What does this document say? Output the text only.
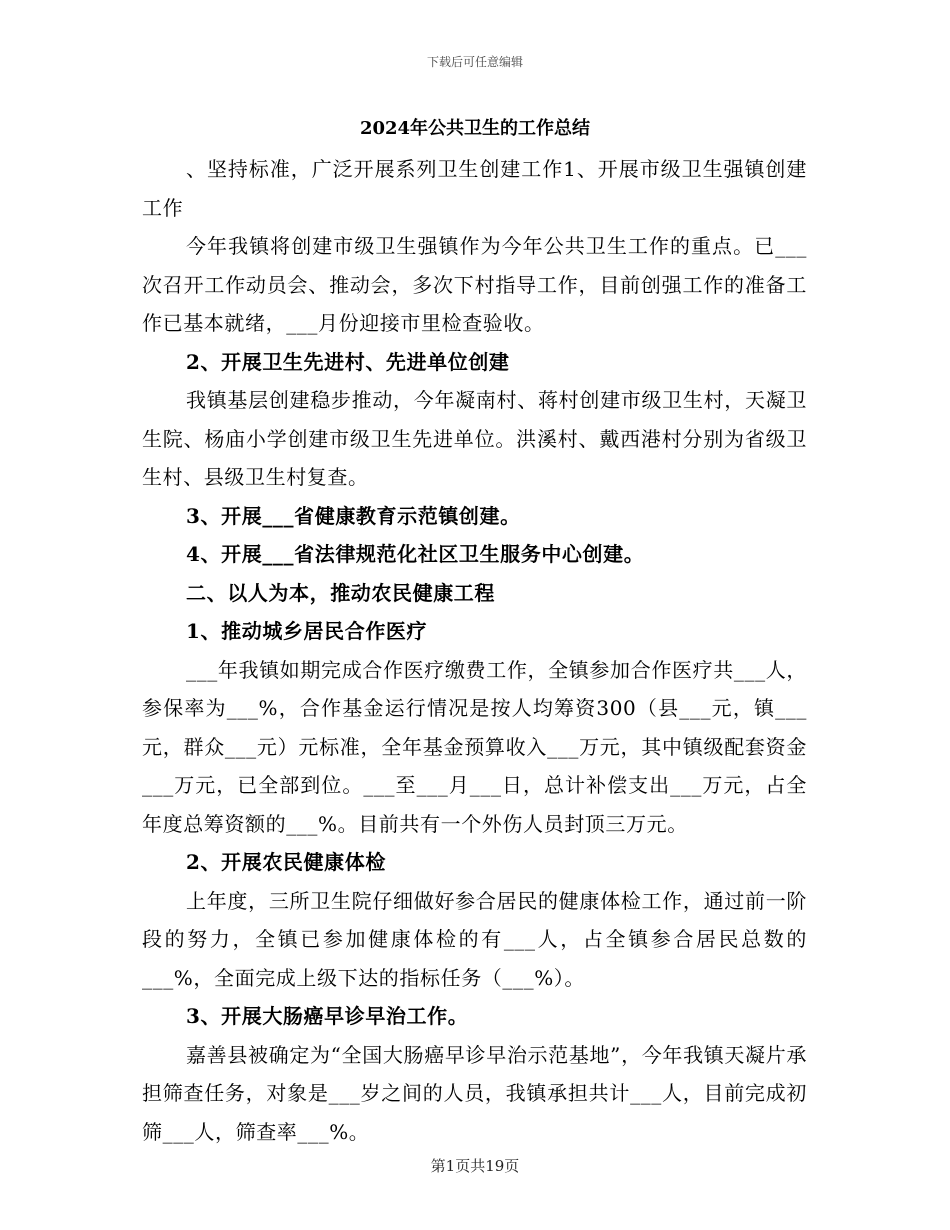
下载后可任意编辑
2024年公共卫生的工作总结

、坚持标准，广泛开展系列卫生创建工作1、开展市级卫生强镇创建工作

今年我镇将创建市级卫生强镇作为今年公共卫生工作的重点。已___次召开工作动员会、推动会，多次下村指导工作，目前创强工作的准备工作已基本就绪，___月份迎接市里检查验收。

2、开展卫生先进村、先进单位创建

我镇基层创建稳步推动，今年凝南村、蒋村创建市级卫生村，天凝卫生院、杨庙小学创建市级卫生先进单位。洪溪村、戴西港村分别为省级卫生村、县级卫生村复查。

3、开展___省健康教育示范镇创建。

4、开展___省法律规范化社区卫生服务中心创建。

二、以人为本，推动农民健康工程

1、推动城乡居民合作医疗

___年我镇如期完成合作医疗缴费工作，全镇参加合作医疗共___人，参保率为___%，合作基金运行情况是按人均筹资300（县___元，镇___元，群众___元）元标准，全年基金预算收入___万元，其中镇级配套资金___万元，已全部到位。___至___月___日，总计补偿支出___万元，占全年度总筹资额的___%。目前共有一个外伤人员封顶三万元。

2、开展农民健康体检

上年度，三所卫生院仔细做好参合居民的健康体检工作，通过前一阶段的努力，全镇已参加健康体检的有___人，占全镇参合居民总数的___%，全面完成上级下达的指标任务（___%）。

3、开展大肠癌早诊早治工作。

嘉善县被确定为“全国大肠癌早诊早治示范基地”，今年我镇天凝片承担筛查任务，对象是___岁之间的人员，我镇承担共计___人，目前完成初筛___人，筛查率___%。

第1页共19页
